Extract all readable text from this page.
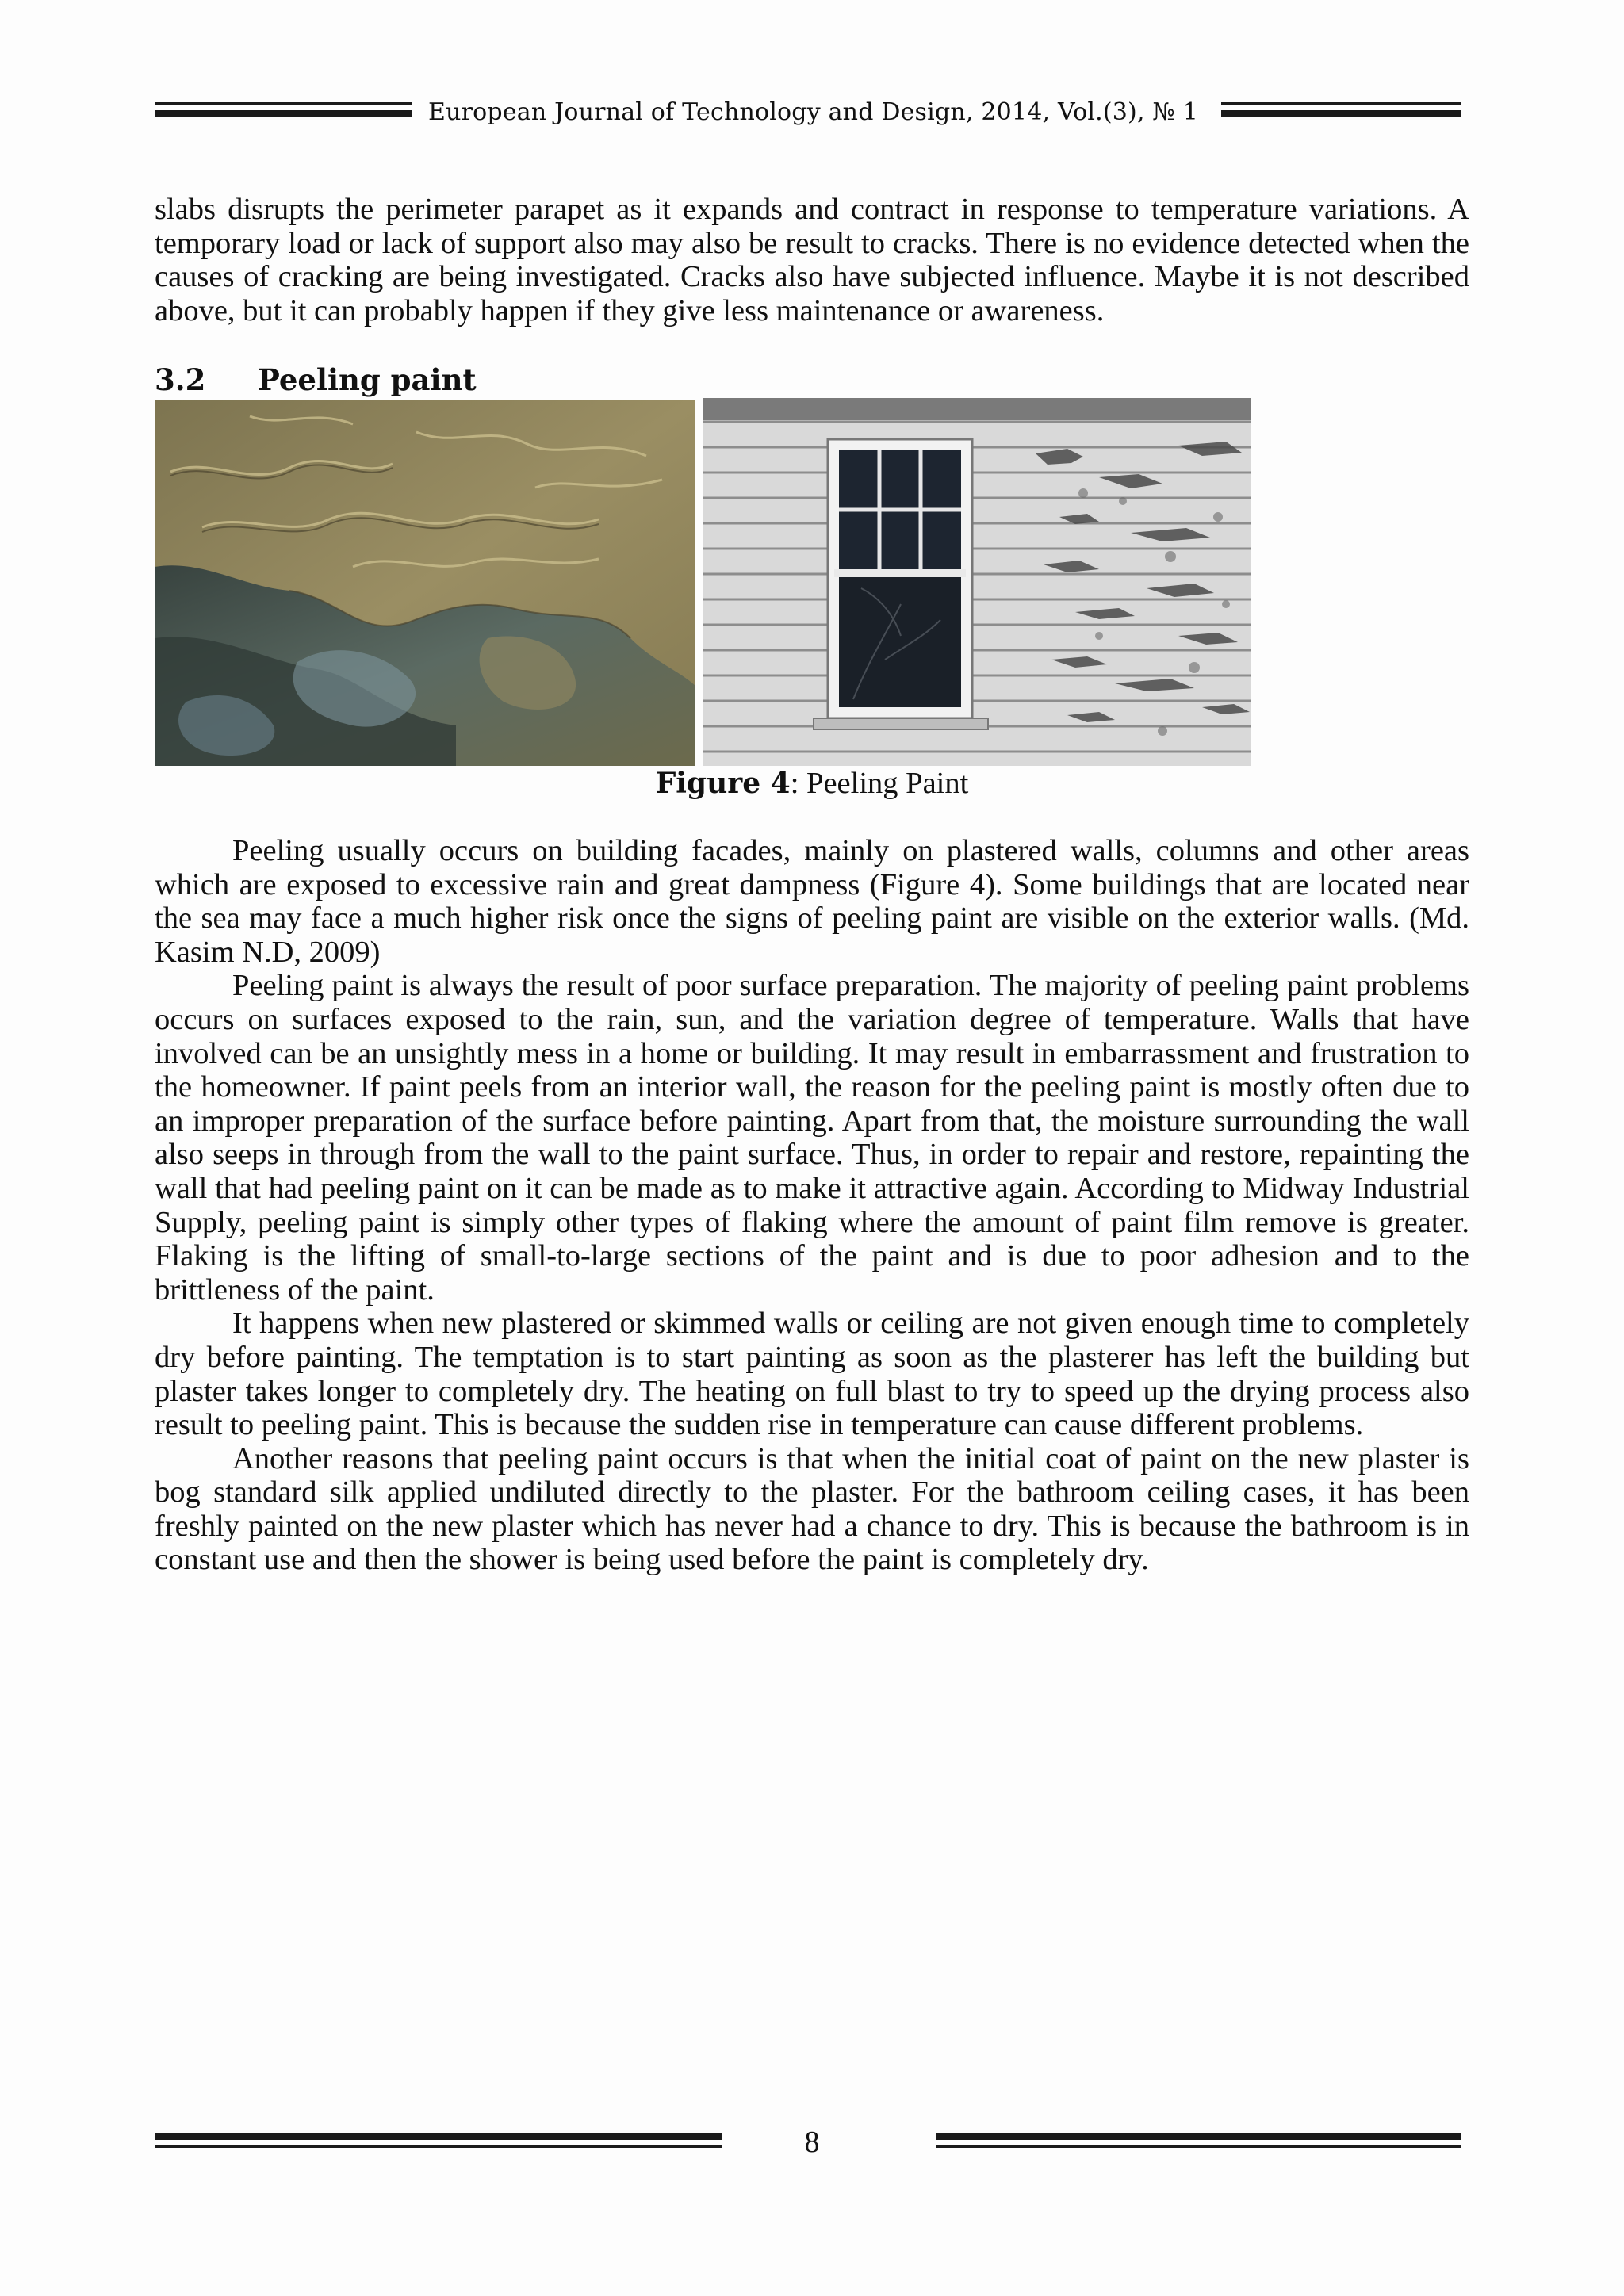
European Journal of Technology and Design, 2014, Vol.(3), № 1

slabs disrupts the perimeter parapet as it expands and contract in response to temperature variations. A temporary load or lack of support also may also be result to cracks. There is no evidence detected when the causes of cracking are being investigated. Cracks also have subjected influence. Maybe it is not described above, but it can probably happen if they give less maintenance or awareness.

3.2 Peeling paint
Figure 4: Peeling Paint

Peeling usually occurs on building facades, mainly on plastered walls, columns and other areas which are exposed to excessive rain and great dampness (Figure 4). Some buildings that are located near the sea may face a much higher risk once the signs of peeling paint are visible on the exterior walls. (Md. Kasim N.D, 2009)

Peeling paint is always the result of poor surface preparation. The majority of peeling paint problems occurs on surfaces exposed to the rain, sun, and the variation degree of temperature. Walls that have involved can be an unsightly mess in a home or building. It may result in embarrassment and frustration to the homeowner. If paint peels from an interior wall, the reason for the peeling paint is mostly often due to an improper preparation of the surface before painting. Apart from that, the moisture surrounding the wall also seeps in through from the wall to the paint surface. Thus, in order to repair and restore, repainting the wall that had peeling paint on it can be made as to make it attractive again. According to Midway Industrial Supply, peeling paint is simply other types of flaking where the amount of paint film remove is greater. Flaking is the lifting of small-to-large sections of the paint and is due to poor adhesion and to the brittleness of the paint.

It happens when new plastered or skimmed walls or ceiling are not given enough time to completely dry before painting. The temptation is to start painting as soon as the plasterer has left the building but plaster takes longer to completely dry. The heating on full blast to try to speed up the drying process also result to peeling paint. This is because the sudden rise in temperature can cause different problems.

Another reasons that peeling paint occurs is that when the initial coat of paint on the new plaster is bog standard silk applied undiluted directly to the plaster. For the bathroom ceiling cases, it has been freshly painted on the new plaster which has never had a chance to dry. This is because the bathroom is in constant use and then the shower is being used before the paint is completely dry.

8
